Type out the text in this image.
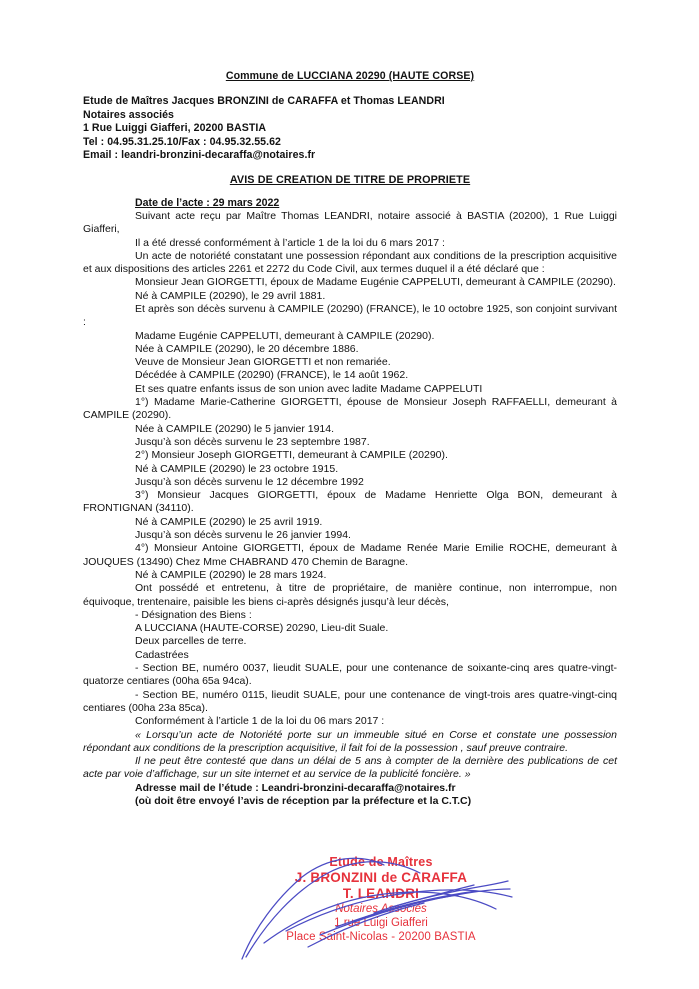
Commune de LUCCIANA 20290 (HAUTE CORSE)
Etude de Maîtres Jacques BRONZINI de CARAFFA et Thomas LEANDRI
Notaires associés
1 Rue Luiggi Giafferi, 20200 BASTIA
Tel : 04.95.31.25.10/Fax : 04.95.32.55.62
Email : leandri-bronzini-decaraffa@notaires.fr
AVIS DE CREATION DE TITRE DE PROPRIETE
Date de l’acte : 29 mars 2022

Suivant acte reçu par Maître Thomas LEANDRI, notaire associé à BASTIA (20200), 1 Rue Luiggi Giafferi,

Il a été dressé conformément à l’article 1 de la loi du 6 mars 2017 :

Un acte de notoriété constatant une possession répondant aux conditions de la prescription acquisitive et aux dispositions des articles 2261 et 2272 du Code Civil, aux termes duquel il a été déclaré que :

Monsieur Jean GIORGETTI, époux de Madame Eugénie CAPPELUTI, demeurant à CAMPILE (20290).

Né à CAMPILE (20290), le 29 avril 1881.

Et après son décès survenu à CAMPILE (20290) (FRANCE), le 10 octobre 1925, son conjoint survivant :

Madame Eugénie CAPPELUTI, demeurant à CAMPILE (20290).

Née à CAMPILE (20290), le 20 décembre 1886.

Veuve de Monsieur Jean GIORGETTI et non remariée.

Décédée à CAMPILE (20290) (FRANCE), le 14 août 1962.

Et ses quatre enfants issus de son union avec ladite Madame CAPPELUTI

1°) Madame Marie-Catherine GIORGETTI, épouse de Monsieur Joseph RAFFAELLI, demeurant à CAMPILE (20290).

Née à CAMPILE (20290) le 5 janvier 1914.

Jusqu’à son décès survenu le 23 septembre 1987.

2°) Monsieur Joseph GIORGETTI, demeurant à CAMPILE (20290).

Né à CAMPILE (20290) le 23 octobre 1915.

Jusqu’à son décès survenu le 12 décembre 1992

3°) Monsieur Jacques GIORGETTI, époux de Madame Henriette Olga BON, demeurant à FRONTIGNAN (34110).

Né à CAMPILE (20290) le 25 avril 1919.

Jusqu’à son décès survenu le 26 janvier 1994.

4°) Monsieur Antoine GIORGETTI, époux de Madame Renée Marie Emilie ROCHE, demeurant à JOUQUES (13490) Chez Mme CHABRAND 470 Chemin de Baragne.

Né à CAMPILE (20290) le 28 mars 1924.

Ont possédé et entretenu, à titre de propriétaire, de manière continue, non interrompue, non équivoque, trentenaire, paisible les biens ci-après désignés jusqu’à leur décès,

- Désignation des Biens :

A LUCCIANA (HAUTE-CORSE) 20290, Lieu-dit Suale.

Deux parcelles de terre.

Cadastrées

- Section BE, numéro 0037, lieudit SUALE, pour une contenance de soixante-cinq ares quatre-vingt-quatorze centiares (00ha 65a 94ca).

- Section BE, numéro 0115, lieudit SUALE, pour une contenance de vingt-trois ares quatre-vingt-cinq centiares (00ha 23a 85ca).

Conformément à l’article 1 de la loi du 06 mars 2017 :

« Lorsqu’un acte de Notoriété porte sur un immeuble situé en Corse et constate une possession répondant aux conditions de la prescription acquisitive, il fait foi de la possession , sauf preuve contraire.

Il ne peut être contesté que dans un délai de 5 ans à compter de la dernière des publications de cet acte par voie d’affichage, sur un site internet et au service de la publicité foncière. »

Adresse mail de l’étude : Leandri-bronzini-decaraffa@notaires.fr

(où doit être envoyé l’avis de réception par la préfecture et la C.T.C)

Etude de Maîtres
J. BRONZINI de CARAFFA
T. LEANDRI
Notaires Associés
1 rue Luigi Giafferi
Place Saint-Nicolas - 20200 BASTIA
